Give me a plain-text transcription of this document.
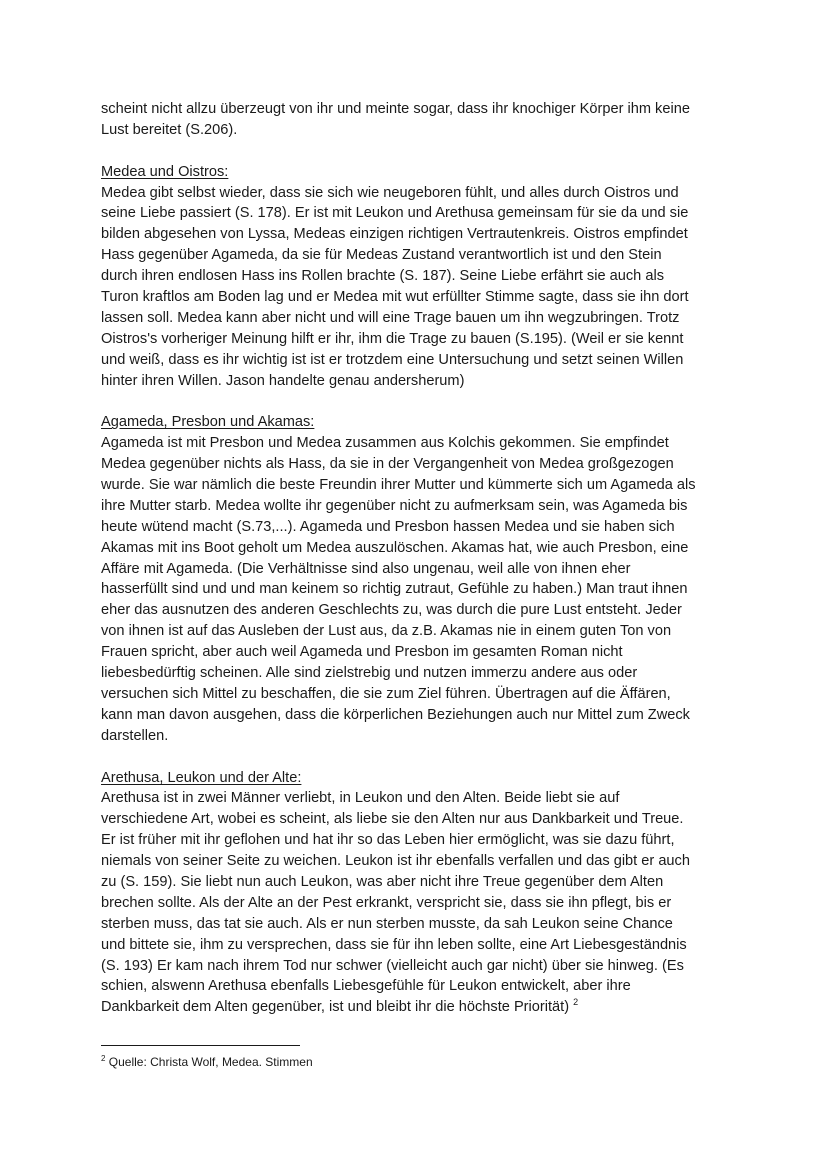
scheint nicht allzu überzeugt von ihr und meinte sogar, dass ihr knochiger Körper ihm keine
Lust bereitet (S.206).
Medea und Oistros:
Medea gibt selbst wieder, dass sie sich wie neugeboren fühlt, und alles durch Oistros und
seine Liebe passiert (S. 178). Er ist mit Leukon und Arethusa gemeinsam für sie da und sie
bilden abgesehen von Lyssa, Medeas einzigen richtigen Vertrautenkreis. Oistros empfindet
Hass gegenüber Agameda, da sie für Medeas Zustand verantwortlich ist und den Stein
durch ihren endlosen Hass ins Rollen brachte (S. 187). Seine Liebe erfährt sie auch als
Turon kraftlos am Boden lag und er Medea mit wut erfüllter Stimme sagte, dass sie ihn dort
lassen soll. Medea kann aber nicht und will eine Trage bauen um ihn wegzubringen. Trotz
Oistros's vorheriger Meinung hilft er ihr, ihm die Trage zu bauen (S.195). (Weil er sie kennt
und weiß, dass es ihr wichtig ist ist er trotzdem eine Untersuchung und setzt seinen Willen
hinter ihren Willen. Jason handelte genau andersherum)
Agameda, Presbon und Akamas:
Agameda ist mit Presbon und Medea zusammen aus Kolchis gekommen. Sie empfindet
Medea gegenüber nichts als Hass, da sie in der Vergangenheit von Medea großgezogen
wurde. Sie war nämlich die beste Freundin ihrer Mutter und kümmerte sich um Agameda als
ihre Mutter starb. Medea wollte ihr gegenüber nicht zu aufmerksam sein, was Agameda bis
heute wütend macht (S.73,...). Agameda und Presbon hassen Medea und sie haben sich
Akamas mit ins Boot geholt um Medea auszulöschen. Akamas hat, wie auch Presbon, eine
Affäre mit Agameda. (Die Verhältnisse sind also ungenau, weil alle von ihnen eher
hasserfüllt sind und und man keinem so richtig zutraut, Gefühle zu haben.) Man traut ihnen
eher das ausnutzen des anderen Geschlechts zu, was durch die pure Lust entsteht. Jeder
von ihnen ist auf das Ausleben der Lust aus, da z.B. Akamas nie in einem guten Ton von
Frauen spricht, aber auch weil Agameda und Presbon im gesamten Roman nicht
liebesbedürftig scheinen. Alle sind zielstrebig und nutzen immerzu andere aus oder
versuchen sich Mittel zu beschaffen, die sie zum Ziel führen. Übertragen auf die Äffären,
kann man davon ausgehen, dass die körperlichen Beziehungen auch nur Mittel zum Zweck
darstellen.
Arethusa, Leukon und der Alte:
Arethusa ist in zwei Männer verliebt, in Leukon und den Alten. Beide liebt sie auf
verschiedene Art, wobei es scheint, als liebe sie den Alten nur aus Dankbarkeit und Treue.
Er ist früher mit ihr geflohen und hat ihr so das Leben hier ermöglicht, was sie dazu führt,
niemals von seiner Seite zu weichen. Leukon ist ihr ebenfalls verfallen und das gibt er auch
zu (S. 159). Sie liebt nun auch Leukon, was aber nicht ihre Treue gegenüber dem Alten
brechen sollte. Als der Alte an der Pest erkrankt, verspricht sie, dass sie ihn pflegt, bis er
sterben muss, das tat sie auch. Als er nun sterben musste, da sah Leukon seine Chance
und bittete sie, ihm zu versprechen, dass sie für ihn leben sollte, eine Art Liebesgeständnis
(S. 193) Er kam nach ihrem Tod nur schwer (vielleicht auch gar nicht) über sie hinweg. (Es
schien, alswenn Arethusa ebenfalls Liebesgefühle für Leukon entwickelt, aber ihre
Dankbarkeit dem Alten gegenüber, ist und bleibt ihr die höchste Priorität) $^2$
$^2$ Quelle: Christa Wolf, Medea. Stimmen
